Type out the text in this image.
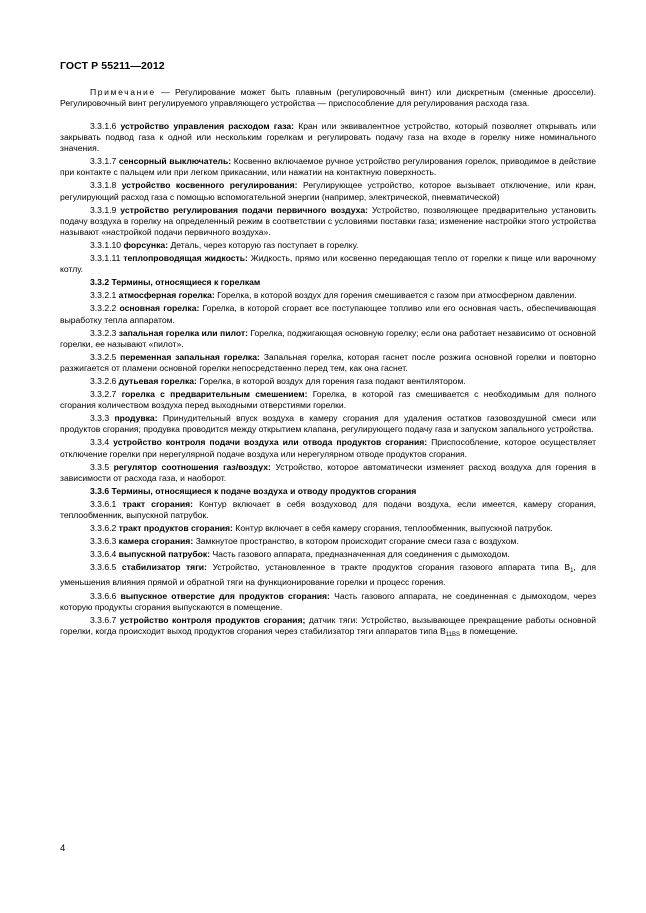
ГОСТ Р 55211—2012
Примечание — Регулирование может быть плавным (регулировочный винт) или дискретным (сменные дроссели). Регулировочный винт регулируемого управляющего устройства — приспособление для регулирования расхода газа.

3.3.1.6 устройство управления расходом газа: Кран или эквивалентное устройство, который позволяет открывать или закрывать подвод газа к одной или нескольким горелкам и регулировать подачу газа на входе в горелку ниже номинального значения.

3.3.1.7 сенсорный выключатель: Косвенно включаемое ручное устройство регулирования горелок, приводимое в действие при контакте с пальцем или при легком прикасании, или нажатии на контактную поверхность.

3.3.1.8 устройство косвенного регулирования: Регулирующее устройство, которое вызывает отключение, или кран, регулирующий расход газа с помощью вспомогательной энергии (например, электрической, пневматической)

3.3.1.9 устройство регулирования подачи первичного воздуха: Устройство, позволяющее предварительно установить подачу воздуха в горелку на определенный режим в соответствии с условиями поставки газа; изменение настройки этого устройства называют «настройкой подачи первичного воздуха».

3.3.1.10 форсунка: Деталь, через которую газ поступает в горелку.

3.3.1.11 теплопроводящая жидкость: Жидкость, прямо или косвенно передающая тепло от горелки к пище или варочному котлу.

3.3.2 Термины, относящиеся к горелкам

3.3.2.1 атмосферная горелка: Горелка, в которой воздух для горения смешивается с газом при атмосферном давлении.

3.3.2.2 основная горелка: Горелка, в которой сгорает все поступающее топливо или его основная часть, обеспечивающая выработку тепла аппаратом.

3.3.2.3 запальная горелка или пилот: Горелка, поджигающая основную горелку; если она работает независимо от основной горелки, ее называют «пилот».

3.3.2.5 переменная запальная горелка: Запальная горелка, которая гаснет после розжига основной горелки и повторно разжигается от пламени основной горелки непосредственно перед тем, как она гаснет.

3.3.2.6 дутьевая горелка: Горелка, в которой воздух для горения газа подают вентилятором.

3.3.2.7 горелка с предварительным смешением: Горелка, в которой газ смешивается с необходимым для полного сгорания количеством воздуха перед выходными отверстиями горелки.

3.3.3 продувка: Принудительный впуск воздуха в камеру сгорания для удаления остатков газовоздушной смеси или продуктов сгорания; продувка проводится между открытием клапана, регулирующего подачу газа и запуском запального устройства.

3.3.4 устройство контроля подачи воздуха или отвода продуктов сгорания: Приспособление, которое осуществляет отключение горелки при нерегулярной подаче воздуха или нерегулярном отводе продуктов сгорания.

3.3.5 регулятор соотношения газ/воздух: Устройство, которое автоматически изменяет расход воздуха для горения в зависимости от расхода газа, и наоборот.

3.3.6 Термины, относящиеся к подаче воздуха и отводу продуктов сгорания

3.3.6.1 тракт сгорания: Контур включает в себя воздуховод для подачи воздуха, если имеется, камеру сгорания, теплообменник, выпускной патрубок.

3.3.6.2 тракт продуктов сгорания: Контур включает в себя камеру сгорания, теплообменник, выпускной патрубок.

3.3.6.3 камера сгорания: Замкнутое пространство, в котором происходит сгорание смеси газа с воздухом.

3.3.6.4 выпускной патрубок: Часть газового аппарата, предназначенная для соединения с дымоходом.

3.3.6.5 стабилизатор тяги: Устройство, установленное в тракте продуктов сгорания газового аппарата типа $В_1$, для уменьшения влияния прямой и обратной тяги на функционирование горелки и процесс горения.

3.3.6.6 выпускное отверстие для продуктов сгорания: Часть газового аппарата, не соединенная с дымоходом, через которую продукты сгорания выпускаются в помещение.

3.3.6.7 устройство контроля продуктов сгорания; датчик тяги: Устройство, вызывающее прекращение работы основной горелки, когда происходит выход продуктов сгорания через стабилизатор тяги аппаратов типа $В_{11BS}$ в помещение.

4
